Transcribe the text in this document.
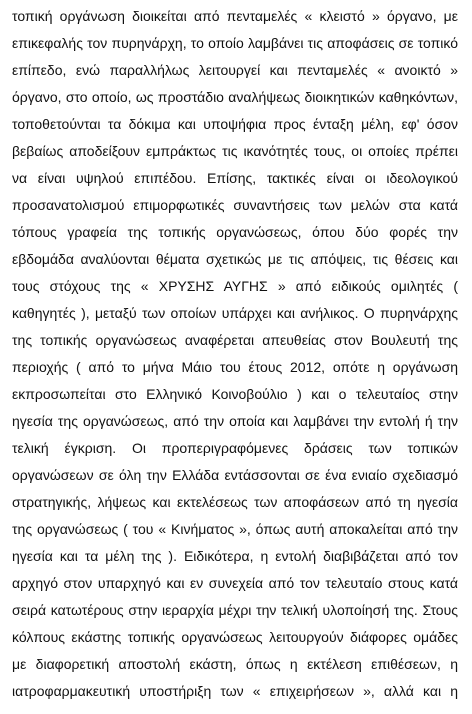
τοπική οργάνωση διοικείται από πενταμελές « κλειστό » όργανο, με
επικεφαλής τον πυρηνάρχη, το οποίο λαμβάνει τις αποφάσεις σε τοπικό
επίπεδο, ενώ παραλλήλως λειτουργεί και πενταμελές « ανοικτό »
όργανο, στο οποίο, ως προστάδιο αναλήψεως διοικητικών καθηκόντων,
τοποθετούνται τα δόκιμα και υποψήφια προς ένταξη μέλη, εφ' όσον
βεβαίως αποδείξουν εμπράκτως τις ικανότητές τους, οι οποίες πρέπει
να είναι υψηλού επιπέδου. Επίσης, τακτικές είναι οι ιδεολογικού
προσανατολισμού επιμορφωτικές συναντήσεις των μελών στα κατά
τόπους γραφεία της τοπικής οργανώσεως, όπου δύο φορές την
εβδομάδα αναλύονται θέματα σχετικώς με τις απόψεις, τις θέσεις και
τους στόχους της « ΧΡΥΣΗΣ ΑΥΓΗΣ » από ειδικούς ομιλητές (
καθηγητές ), μεταξύ των οποίων υπάρχει και ανήλικος. Ο πυρηνάρχης
της τοπικής οργανώσεως αναφέρεται απευθείας στον Βουλευτή της
περιοχής ( από το μήνα Μάιο του έτους 2012, οπότε η οργάνωση
εκπροσωπείται στο Ελληνικό Κοινοβούλιο ) και ο τελευταίος στην
ηγεσία της οργανώσεως, από την οποία και λαμβάνει την εντολή ή την
τελική έγκριση. Οι προπεριγραφόμενες δράσεις των τοπικών
οργανώσεων σε όλη την Ελλάδα εντάσσονται σε ένα ενιαίο σχεδιασμό
στρατηγικής, λήψεως και εκτελέσεως των αποφάσεων από τη ηγεσία
της οργανώσεως ( του « Κινήματος », όπως αυτή αποκαλείται από την
ηγεσία και τα μέλη της ). Ειδικότερα, η εντολή διαβιβάζεται από τον
αρχηγό στον υπαρχηγό και εν συνεχεία από τον τελευταίο στους κατά
σειρά κατωτέρους στην ιεραρχία μέχρι την τελική υλοποίησή της. Στους
κόλπους εκάστης τοπικής οργανώσεως λειτουργούν διάφορες ομάδες
με διαφορετική αποστολή εκάστη, όπως η εκτέλεση επιθέσεων, η
ιατροφαρμακευτική υποστήριξη των « επιχειρήσεων », αλλά και η
